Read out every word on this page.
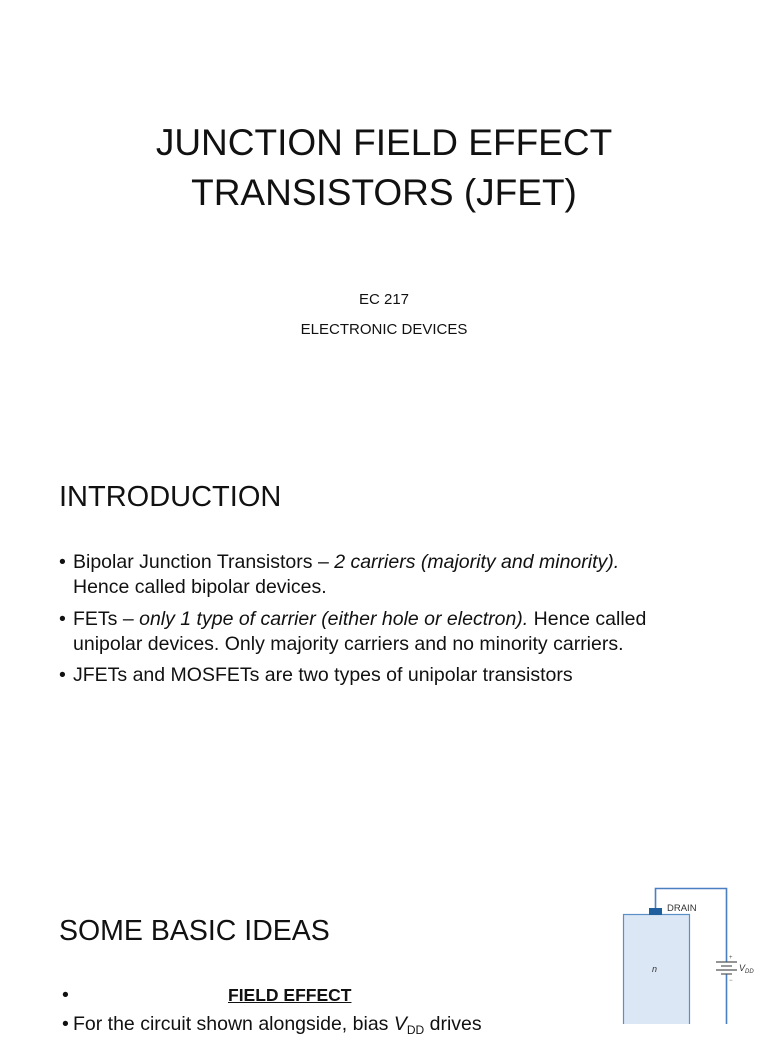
JUNCTION FIELD EFFECT
TRANSISTORS (JFET)
EC 217
ELECTRONIC DEVICES
INTRODUCTION
• Bipolar Junction Transistors – 2 carriers (majority and minority).
Hence called bipolar devices.
• FETs – only 1 type of carrier (either hole or electron). Hence called
unipolar devices. Only majority carriers and no minority carriers.
• JFETs and MOSFETs are two types of unipolar transistors
SOME BASIC IDEAS
• FIELD EFFECT
• For the circuit shown alongside, bias $V_{DD}$ drives
DRAIN
n
+
−
VDD
